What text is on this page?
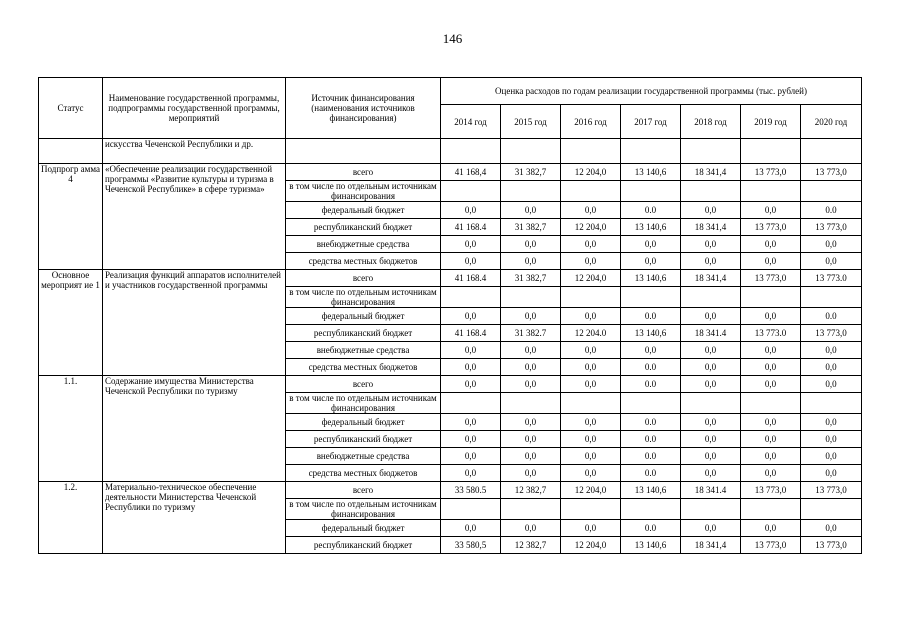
146
Статус	Наименование государственной программы, подпрограммы государственной программы, мероприятий	Источник финансирования (наименования источников финансирования)	Оценка расходов по годам реализации государственной программы (тыс. рублей)						
			2014 год	2015 год	2016 год	2017 год	2018 год	2019 год	2020 год
	искусства Чеченской Республики и др.								
Подпрогр амма 4	«Обеспечение реализации государственной программы «Развитие культуры и туризма в Чеченской Республике» в сфере туризма»	всего	41 168,4	31 382,7	12 204,0	13 140,6	18 341,4	13 773,0	13 773,0
		в том числе по отдельным источникам финансирования							
		федеральный бюджет	0,0	0,0	0,0	0.0	0,0	0,0	0.0
		республиканский бюджет	41 168.4	31 382,7	12 204,0	13 140,6	18 341,4	13 773,0	13 773,0
		внебюджетные средства	0,0	0,0	0,0	0,0	0,0	0,0	0,0
		средства местных бюджетов	0,0	0,0	0,0	0,0	0,0	0,0	0,0
Основное мероприят ие 1	Реализация функций аппаратов исполнителей и участников государственной программы	всего	41 168.4	31 382,7	12 204,0	13 140,6	18 341,4	13 773,0	13 773.0
		в том числе по отдельным источникам финансирования							
		федеральный бюджет	0,0	0,0	0,0	0.0	0,0	0,0	0.0
		республиканский бюджет	41 168.4	31 382.7	12 204.0	13 140,6	18 341.4	13 773.0	13 773,0
		внебюджетные средства	0,0	0,0	0,0	0,0	0,0	0,0	0,0
		средства местных бюджетов	0,0	0,0	0,0	0.0	0,0	0,0	0,0
1.1.	Содержание имущества Министерства Чеченской Республики по туризму	всего	0,0	0,0	0,0	0.0	0,0	0,0	0,0
		в том числе по отдельным источникам финансирования							
		федеральный бюджет	0,0	0,0	0,0	0.0	0,0	0,0	0,0
		республиканский бюджет	0,0	0,0	0,0	0.0	0,0	0,0	0,0
		внебюджетные средства	0,0	0,0	0,0	0.0	0,0	0,0	0,0
		средства местных бюджетов	0,0	0,0	0,0	0.0	0,0	0,0	0,0
1.2.	Материально-техническое обеспечение деятельности Министерства Чеченской Республики по туризму	всего	33 580.5	12 382,7	12 204,0	13 140,6	18 341.4	13 773,0	13 773,0
		в том числе по отдельным источникам финансирования							
		федеральный бюджет	0,0	0,0	0,0	0.0	0,0	0,0	0,0
		республиканский бюджет	33 580,5	12 382,7	12 204,0	13 140,6	18 341,4	13 773,0	13 773,0
